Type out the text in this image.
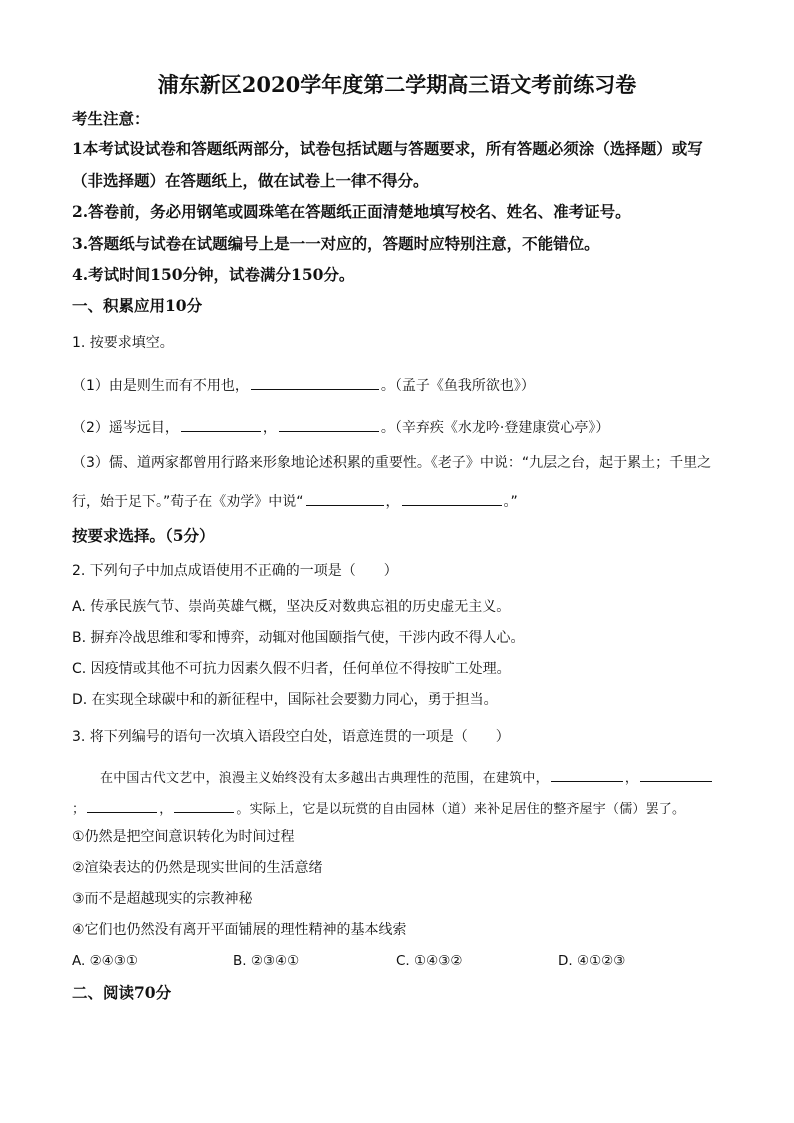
浦东新区2020学年度第二学期高三语文考前练习卷
考生注意：
1本考试设试卷和答题纸两部分，试卷包括试题与答题要求，所有答题必须涂（选择题）或写
（非选择题）在答题纸上，做在试卷上一律不得分。
2.答卷前，务必用钢笔或圆珠笔在答题纸正面清楚地填写校名、姓名、准考证号。
3.答题纸与试卷在试题编号上是一一对应的，答题时应特别注意，不能错位。
4.考试时间150分钟，试卷满分150分。
一、积累应用10分
1. 按要求填空。
（1）由是则生而有不用也，	。（孟子《鱼我所欲也》）
（2）遥岑远目，	，	。（辛弃疾《水龙吟·登建康赏心亭》）
（3）儒、道两家都曾用行路来形象地论述积累的重要性。《老子》中说：“九层之台，起于累土；千里之
行，始于足下。”荀子在《劝学》中说“	，	。”
按要求选择。（5分）
2. 下列句子中加点成语使用不正确的一项是（　　）
A. 传承民族气节、崇尚英雄气概，坚决反对数典忘祖的历史虚无主义。
B. 摒弃冷战思维和零和博弈，动辄对他国颐指气使，干涉内政不得人心。
C. 因疫情或其他不可抗力因素久假不归者，任何单位不得按旷工处理。
D. 在实现全球碳中和的新征程中，国际社会要勠力同心，勇于担当。
3. 将下列编号的语句一次填入语段空白处，语意连贯的一项是（　　）
在中国古代文艺中，浪漫主义始终没有太多越出古典理性的范围，在建筑中，	，
；	，	。实际上，它是以玩赏的自由园林（道）来补足居住的整齐屋宇（儒）罢了。
①仍然是把空间意识转化为时间过程
②渲染表达的仍然是现实世间的生活意绪
③而不是超越现实的宗教神秘
④它们也仍然没有离开平面铺展的理性精神的基本线索
A. ②④③①	B. ②③④①	C. ①④③②	D. ④①②③
二、阅读70分
